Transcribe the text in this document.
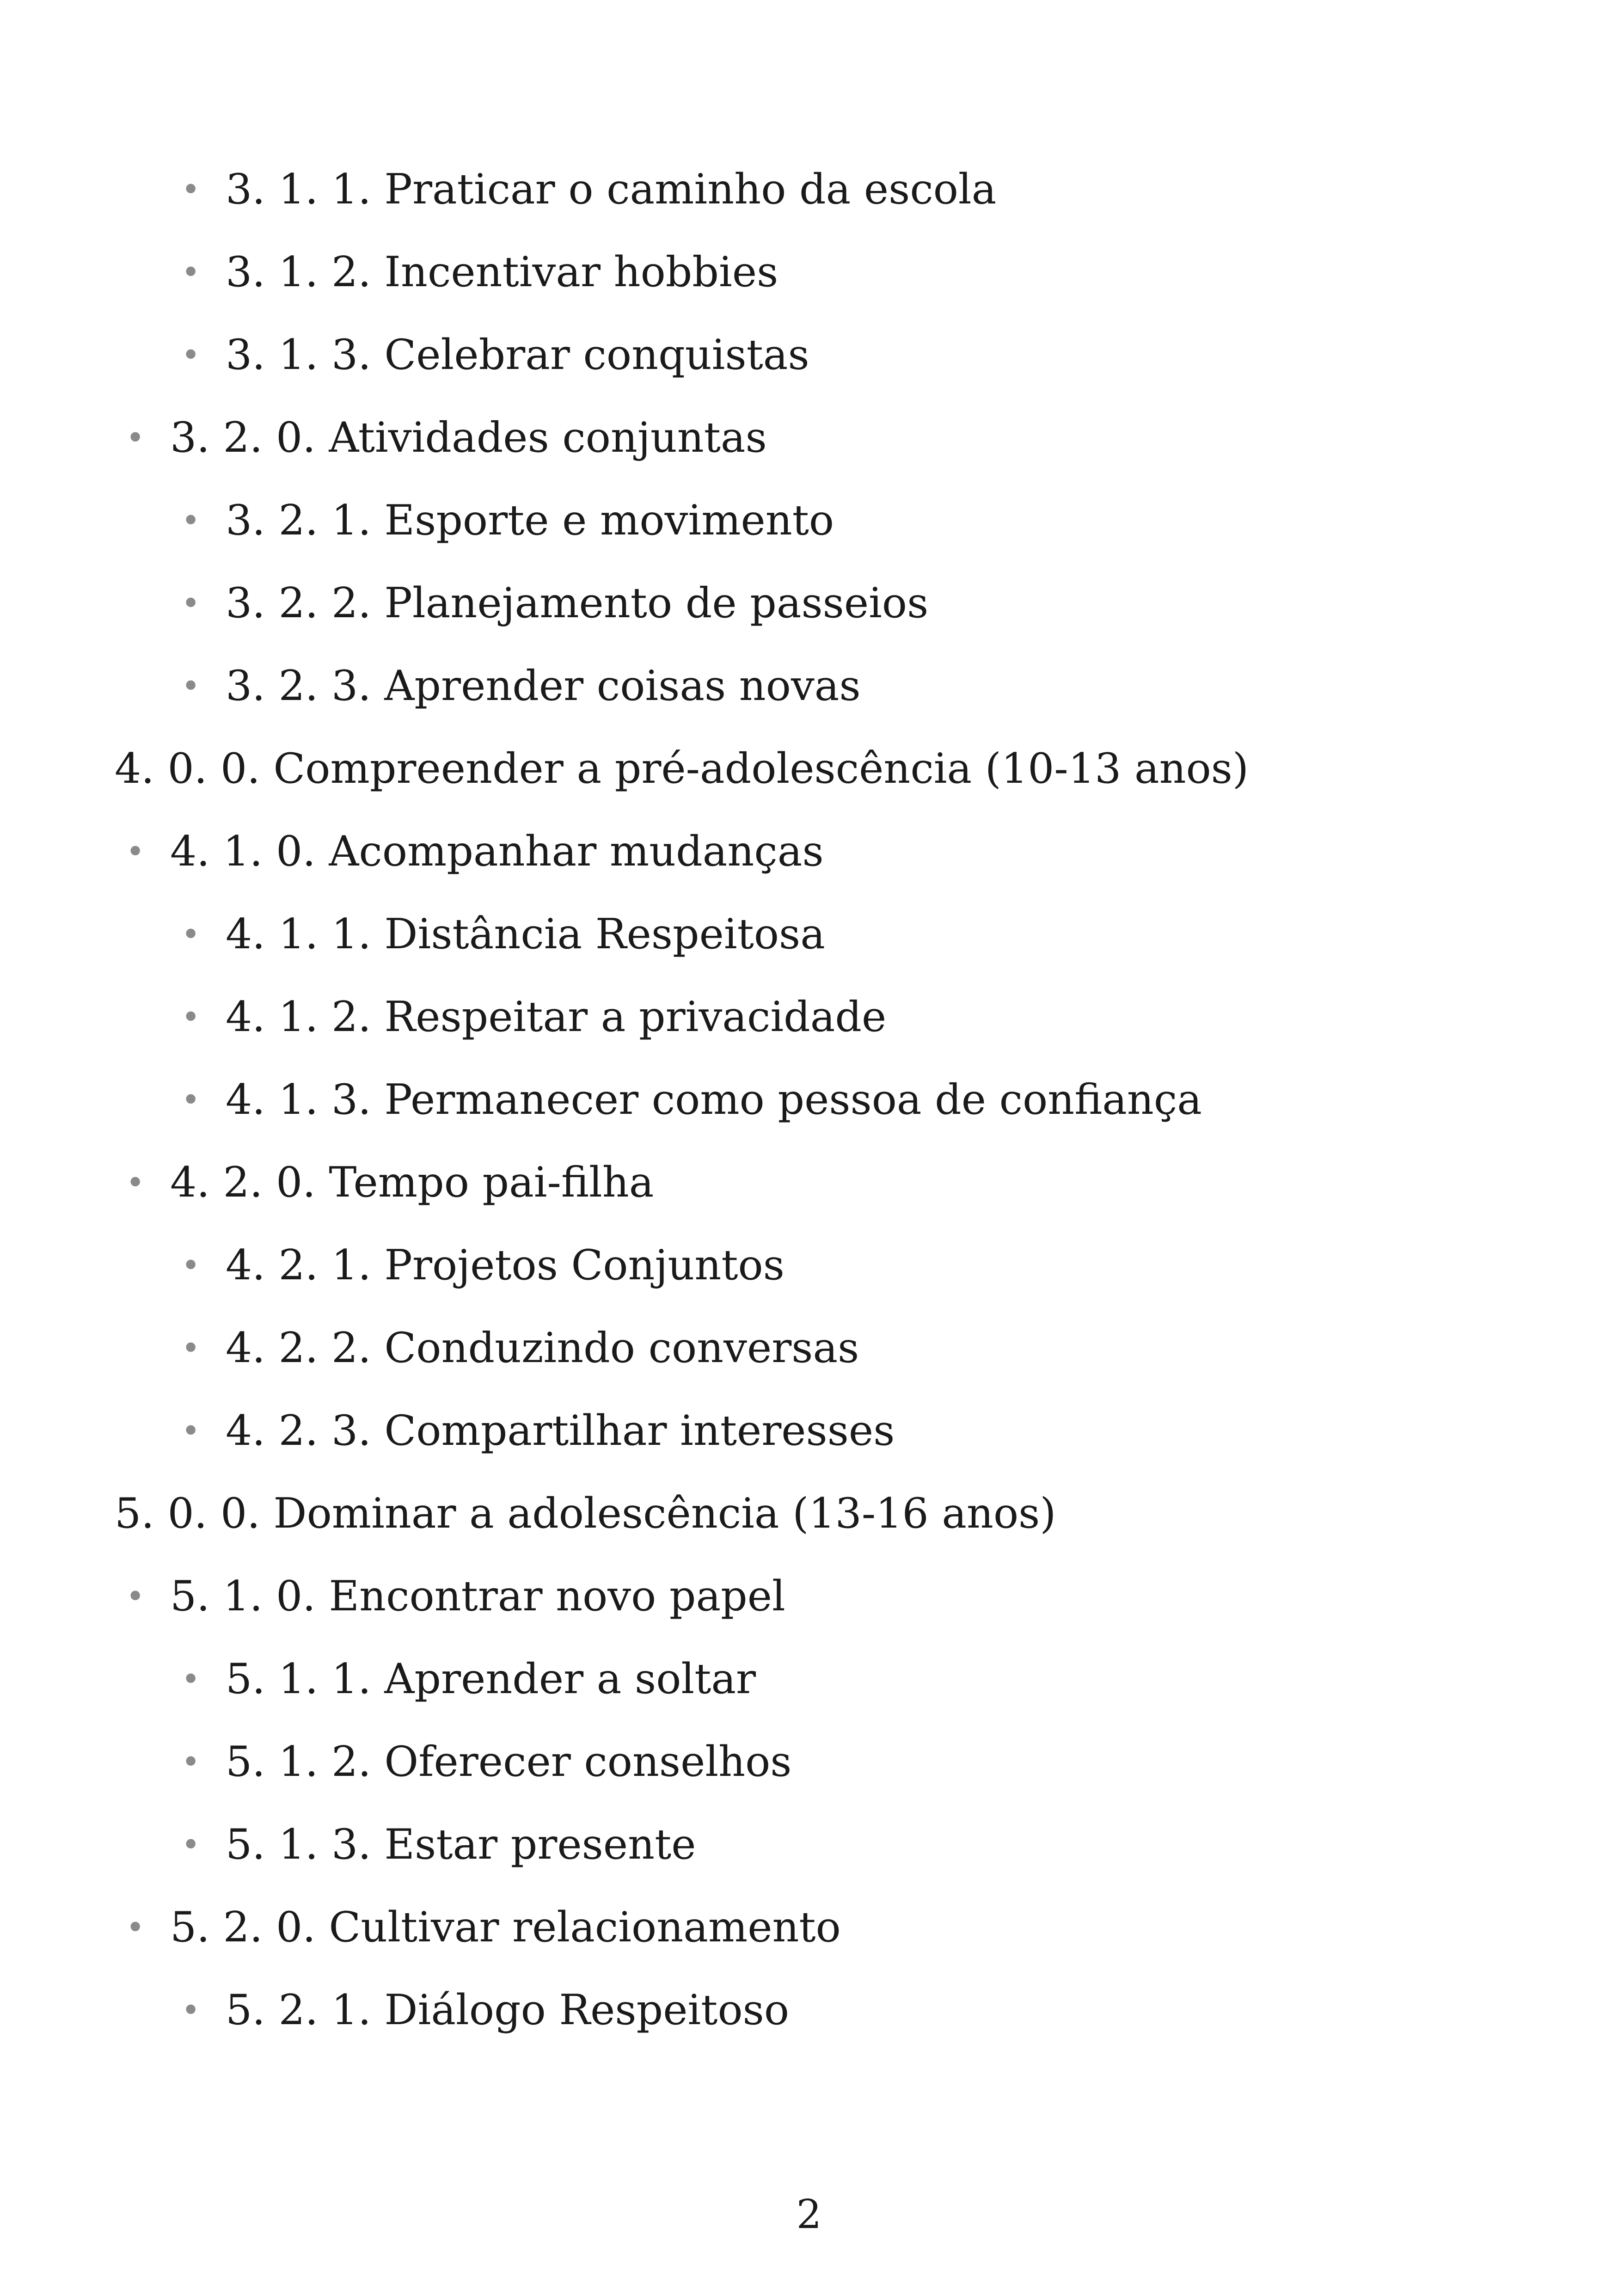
• 3. 1. 1. Praticar o caminho da escola
• 3. 1. 2. Incentivar hobbies
• 3. 1. 3. Celebrar conquistas
• 3. 2. 0. Atividades conjuntas
• 3. 2. 1. Esporte e movimento
• 3. 2. 2. Planejamento de passeios
• 3. 2. 3. Aprender coisas novas
4. 0. 0. Compreender a pré-adolescência (10-13 anos)
• 4. 1. 0. Acompanhar mudanças
• 4. 1. 1. Distância Respeitosa
• 4. 1. 2. Respeitar a privacidade
• 4. 1. 3. Permanecer como pessoa de confiança
• 4. 2. 0. Tempo pai-filha
• 4. 2. 1. Projetos Conjuntos
• 4. 2. 2. Conduzindo conversas
• 4. 2. 3. Compartilhar interesses
5. 0. 0. Dominar a adolescência (13-16 anos)
• 5. 1. 0. Encontrar novo papel
• 5. 1. 1. Aprender a soltar
• 5. 1. 2. Oferecer conselhos
• 5. 1. 3. Estar presente
• 5. 2. 0. Cultivar relacionamento
• 5. 2. 1. Diálogo Respeitoso
2
